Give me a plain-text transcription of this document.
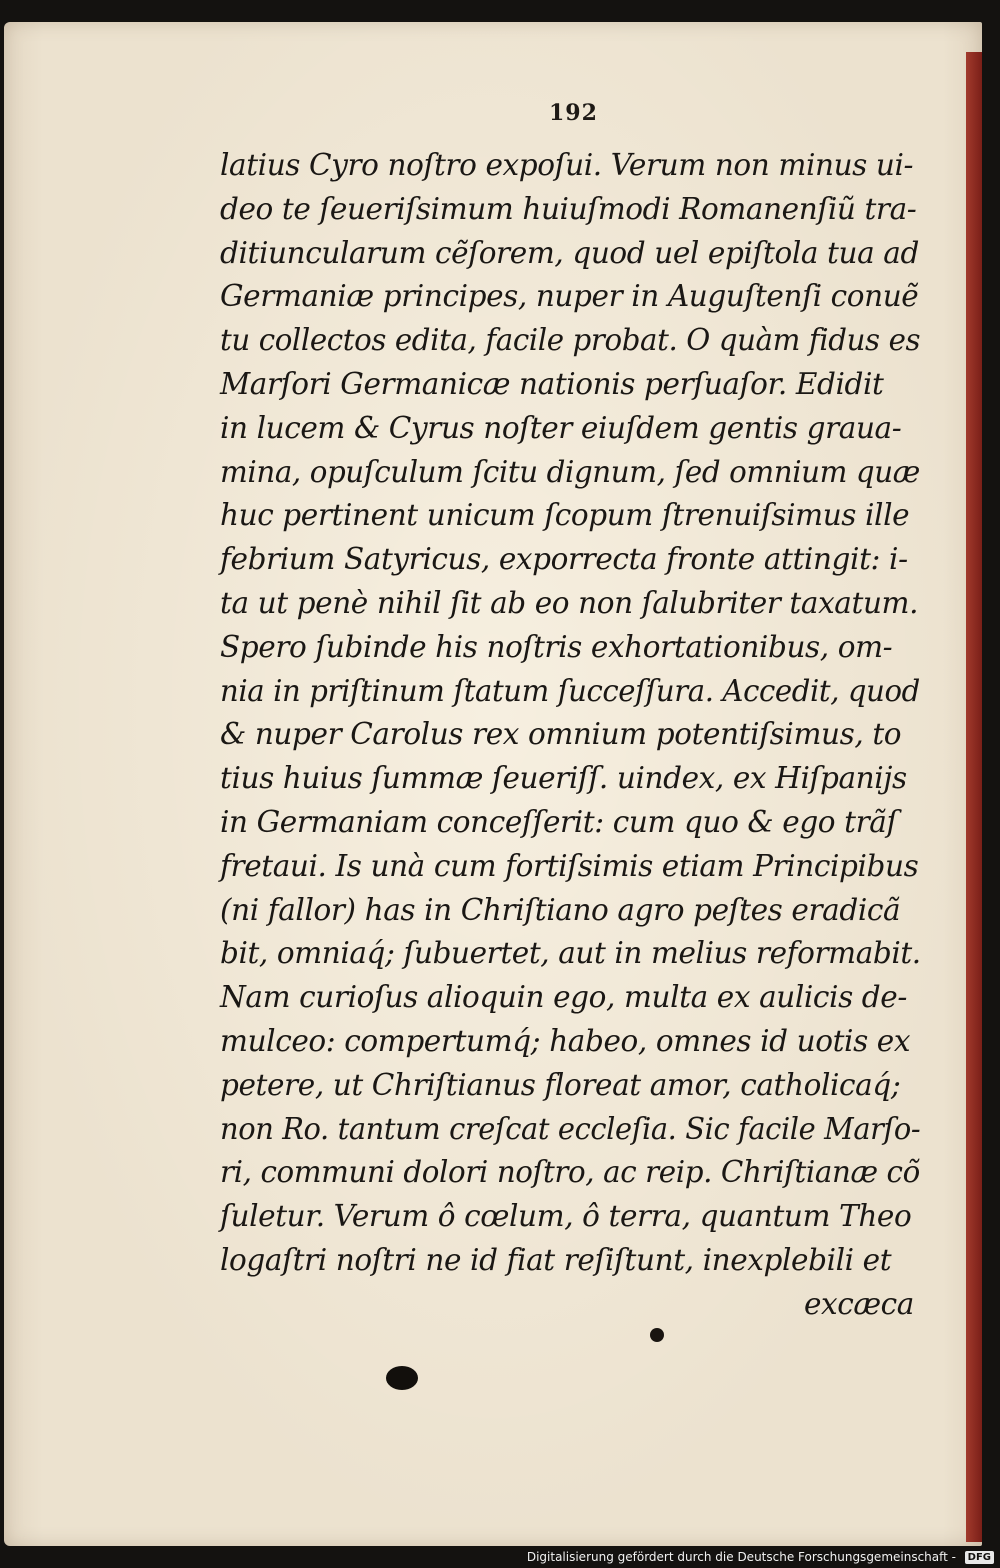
192
latius Cyro noſtro expoſui. Verum non minus ui-
deo te ſeueriſsimum huiuſmodi Romanenſiũ tra-
ditiuncularum cẽſorem, quod uel epiſtola tua ad
Germaniæ principes, nuper in Auguſtenſi conuẽ
tu collectos edita, facile probat. O quàm fidus es
Marſori Germanicæ nationis perſuaſor. Edidit
in lucem & Cyrus noſter eiuſdem gentis graua-
mina, opuſculum ſcitu dignum, ſed omnium quæ
huc pertinent unicum ſcopum ſtrenuiſsimus ille
febrium Satyricus, exporrecta fronte attingit: i-
ta ut penè nihil ſit ab eo non ſalubriter taxatum.
Spero ſubinde his noſtris exhortationibus, om-
nia in priſtinum ſtatum ſucceſſura. Accedit, quod
& nuper Carolus rex omnium potentiſsimus, to
tius huius ſummæ ſeueriſſ. uindex, ex Hiſpanijs
in Germaniam conceſſerit: cum quo & ego trãſ
fretaui. Is unà cum fortiſsimis etiam Principibus
(ni fallor) has in Chriſtiano agro peſtes eradicã
bit, omniaq́; ſubuertet, aut in melius reformabit.
Nam curioſus alioquin ego, multa ex aulicis de-
mulceo: compertumq́; habeo, omnes id uotis ex
petere, ut Chriſtianus floreat amor, catholicaq́;
non Ro. tantum creſcat eccleſia. Sic facile Marſo-
ri, communi dolori noſtro, ac reip. Chriſtianæ cõ
ſuletur. Verum ô cœlum, ô terra, quantum Theo
logaſtri noſtri ne id fiat reſiſtunt, inexplebili et
excæca
Digitalisierung gefördert durch die Deutsche Forschungsgemeinschaft -	DFG
